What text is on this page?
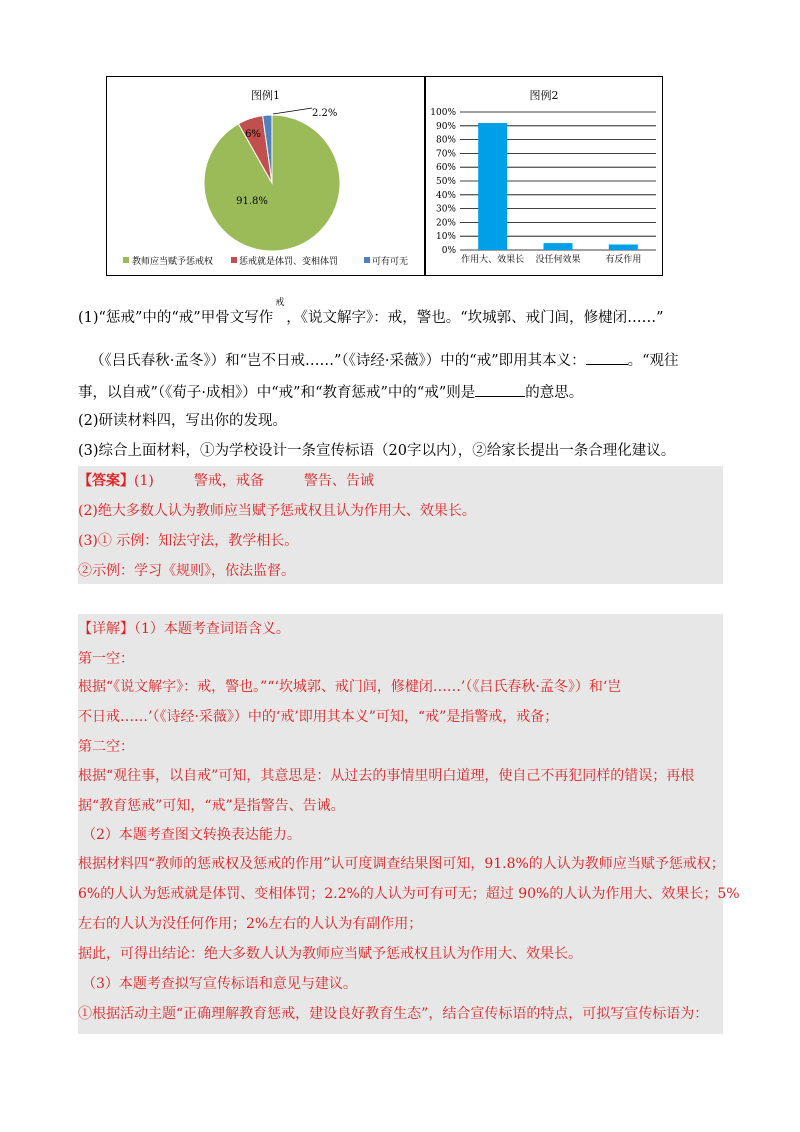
图例1
91.8%
6%
2.2%
教师应当赋予惩戒权	惩戒就是体罚、变相体罚	可有可无
图例2
100%
90%
80%
70%
60%
50%
40%
30%
20%
10%
0%
作用大、效果长 没任何效果	有反作用
(1)“惩戒”中的“戒”甲骨文写作戒，《说文解字》：戒，警也。“坎城郭、戒门闾，修楗闭……”
（《吕氏春秋·孟冬》）和“岂不日戒……”（《诗经·采薇》）中的“戒”即用其本义：	。“观往
事，以自戒”（《荀子·成相》）中“戒”和“教育惩戒”中的“戒”则是	的意思。
(2)研读材料四，写出你的发现。
(3)综合上面材料，①为学校设计一条宣传标语（20字以内），②给家长提出一条合理化建议。
【答案】(1)	警戒，戒备	警告、告诫
(2)绝大多数人认为教师应当赋予惩戒权且认为作用大、效果长。
(3)① 示例：知法守法，教学相长。
②示例：学习《规则》，依法监督。
【详解】（1）本题考查词语含义。
第一空：
根据“《说文解字》：戒，警也。”“‘坎城郭、戒门闾，修楗闭……’（《吕氏春秋·孟冬》）和‘岂
不日戒……’（《诗经·采薇》）中的‘戒’即用其本义”可知，“戒”是指警戒，戒备；
第二空：
根据“观往事，以自戒”可知，其意思是：从过去的事情里明白道理，使自己不再犯同样的错误；再根
据“教育惩戒”可知，“戒”是指警告、告诫。
（2）本题考查图文转换表达能力。
根据材料四“教师的惩戒权及惩戒的作用”认可度调查结果图可知，91.8%的人认为教师应当赋予惩戒权；
6%的人认为惩戒就是体罚、变相体罚；2.2%的人认为可有可无；超过 90%的人认为作用大、效果长；5%
左右的人认为没任何作用；2%左右的人认为有副作用；
据此，可得出结论：绝大多数人认为教师应当赋予惩戒权且认为作用大、效果长。
（3）本题考查拟写宣传标语和意见与建议。
①根据活动主题“正确理解教育惩戒，建设良好教育生态”，结合宣传标语的特点，可拟写宣传标语为：
